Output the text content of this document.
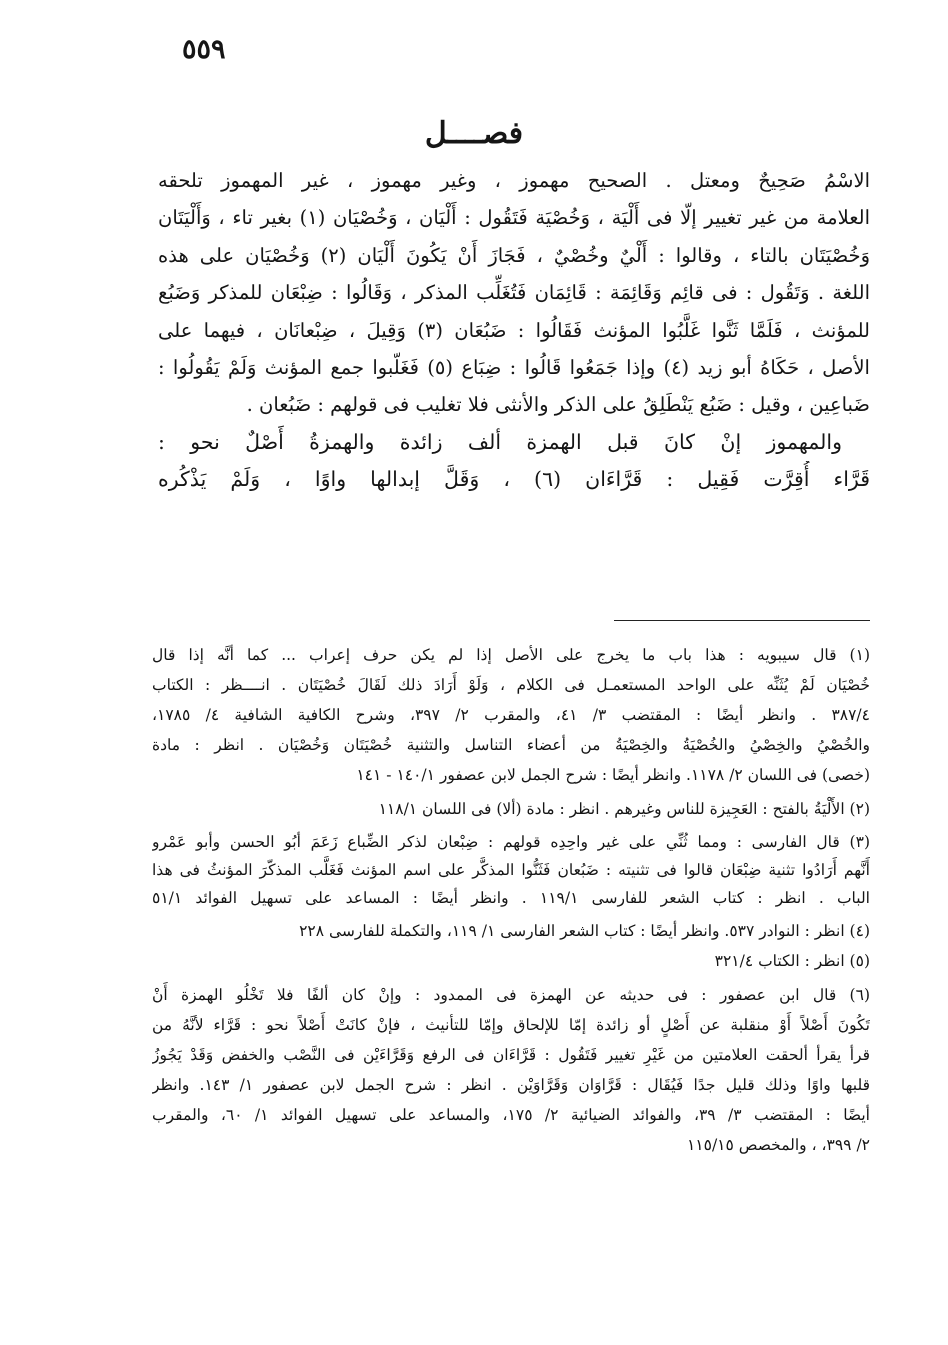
٥٥٩
فصــــل
الاسْمُ صَحِيحٌ ومعتل . الصحيح مهموز ، وغير مهموز ، غير المهموز تلحقه
العلامة من غير تغيير إلّا فى أَلْيَة ، وَخُصْيَة فَتَقُول : أَلْيَان ، وَخُصْيَان (١) بغير تاء ، وَأَلْيَتَان
وَخُصْيَتَان بالتاء ، وقالوا : أَلْيٌ وخُصْيٌ ، فَجَازَ أَنْ يَكُونَ أَلْيَان (٢) وَخُصْيَان على هذه
اللغة . وَتَقُول : فى قائِم وَقَائِمَة : قَائِمَان فَتُغَلِّب المذكر ، وَقَالُوا : ضِبْعَان للمذكر وَضَبُع
للمؤنث ، فَلَمَّا ثَنَّوا غَلَّبُوا المؤنث فَقَالُوا : ضَبُعَان (٣) وَقِيلَ ، ضِبْعانَان ، فيهما على
الأصل ، حَكَاهُ أبو زيد (٤) وإذا جَمَعُوا قَالُوا : ضِبَاع (٥) فَغَلّبوا جمع المؤنث وَلَمْ يَقُولُوا :
ضَباعِين ، وقيل : ضَبُع يَنْطَلِقُ على الذكر والأنثى فلا تغليب فى قولهم : ضَبُعان .
والمهموز إنْ كانَ قبل الهمزة ألف زائدة والهمزةُ أَصْلٌ نحو :
قَرَّاء أُقِرَّت فَقِيل : قَرَّاءَان (٦) ، وَقَلَّ إبدالها واوًا ، وَلَمْ يَذْكُره
(١) قال سيبويه : هذا باب ما يخرج على الأصل إذا لم يكن حرف إعراب ... كما أنَّه إذا قال
خُصْيَان لَمْ يُثَنِّه على الواحد المستعمـل فى الكلام ، وَلَوْ أَرَادَ ذلك لَقَالَ خُصْيَتَان . انــــظر : الكتاب
٣٨٧/٤ . وانظر أيضًا : المقتضب ٣/ ٤١، والمقرب ٢/ ٣٩٧، وشرح الكافية الشافية ٤/ ١٧٨٥،
والخُصْيُ والخِصْيُ والخُصْيَةُ والخِصْيَةُ من أعضاء التناسل والتثنية خُصْيَتَان وَخُصْيَان . انظر : مادة
(خصى) فى اللسان ٢/ ١١٧٨. وانظر أيضًا : شرح الجمل لابن عصفور ١٤٠/١ - ١٤١
(٢) الأَلْيَةُ بالفتح : العَجِيزة للناس وغيرهم . انظر : مادة (ألا) فى اللسان ١١٨/١
(٣) قال الفارسى : ومما ثُنِّي على غير واحِدِه قولهم : ضِبْعان لذكر الضِّباع زَعَمَ أبُو الحسن وأبو عَمْرو
أَنَّهم أَرَادُوا تثنية ضِبْعَان قالوا فى تثنيته : ضَبُعان فَثَنُّوا المذكَّر على اسم المؤنث فَغَلَّب المذكّرَ المؤنثُ فى هذا
الباب . انظر : كتاب الشعر للفارسى ١١٩/١ . وانظر أيضًا : المساعد على تسهيل الفوائد ٥١/١
(٤) انظر : النوادر ٥٣٧. وانظر أيضًا : كتاب الشعر الفارسى ١/ ١١٩، والتكملة للفارسى ٢٢٨
(٥) انظر : الكتاب ٣٢١/٤
(٦) قال ابن عصفور : فى حديثه عن الهمزة فى الممدود : وإنْ كان ألفًا فلا تَخْلُو الهمزة أَنْ
تَكُونَ أَصْلاً أَوْ منقلبة عن أَصْلٍ أو زائدة إمّا للإلحاق وإمّا للتأنيث ، فإنْ كانَتْ أَصْلاً نحو : قَرَّاء لأنَّهُ من
قرأ يقرأ ألحقت العلامتين من غَيْرِ تغيير فَتَقُول : قَرَّاءَان فى الرفع وَقَرَّاءَيْن فى النَّصْب والخفض وَقَدْ يَجُوزُ
قلبها واوًا وذلك قليل جدًا فَيُقَال : قَرَّاوَان وَقَرَّاوَيْن . انظر : شرح الجمل لابن عصفور ١/ ١٤٣. وانظر
أيضًا : المقتضب ٣/ ٣٩، والفوائد الضيائية ٢/ ١٧٥، والمساعد على تسهيل الفوائد ١/ ٦٠، والمقرب
٢/ ٣٩٩، ، والمخصص ١١٥/١٥
